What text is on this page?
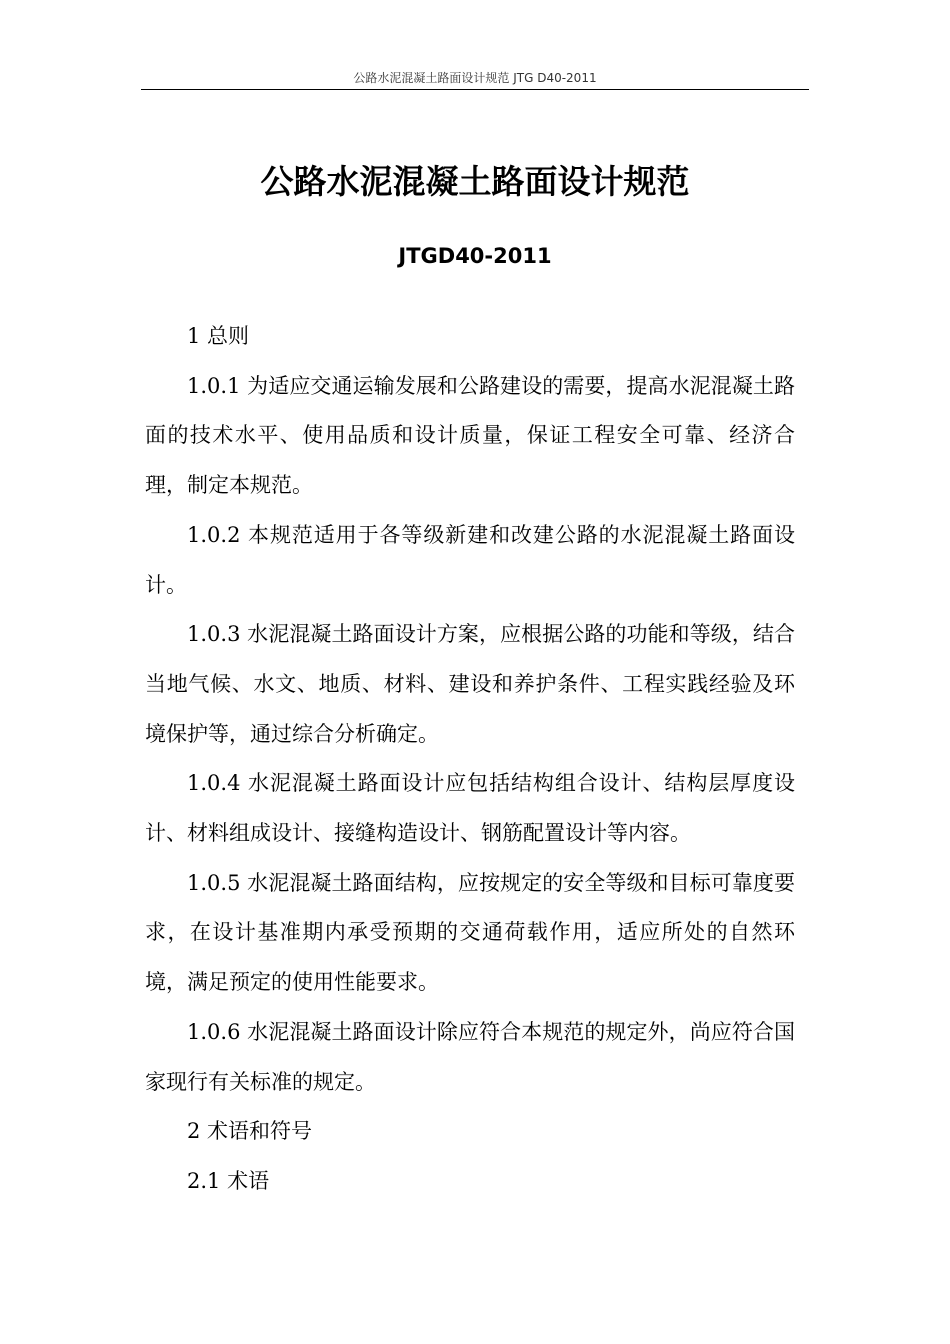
公路水泥混凝土路面设计规范 JTG D40-2011
公路水泥混凝土路面设计规范
JTGD40-2011

1 总则

1.0.1 为适应交通运输发展和公路建设的需要，提高水泥混凝土路面的技术水平、使用品质和设计质量，保证工程安全可靠、经济合理，制定本规范。

1.0.2 本规范适用于各等级新建和改建公路的水泥混凝土路面设计。

1.0.3 水泥混凝土路面设计方案，应根据公路的功能和等级，结合当地气候、水文、地质、材料、建设和养护条件、工程实践经验及环境保护等，通过综合分析确定。

1.0.4 水泥混凝土路面设计应包括结构组合设计、结构层厚度设计、材料组成设计、接缝构造设计、钢筋配置设计等内容。

1.0.5 水泥混凝土路面结构，应按规定的安全等级和目标可靠度要求，在设计基准期内承受预期的交通荷载作用，适应所处的自然环境，满足预定的使用性能要求。

1.0.6 水泥混凝土路面设计除应符合本规范的规定外，尚应符合国家现行有关标准的规定。

2 术语和符号

2.1 术语
